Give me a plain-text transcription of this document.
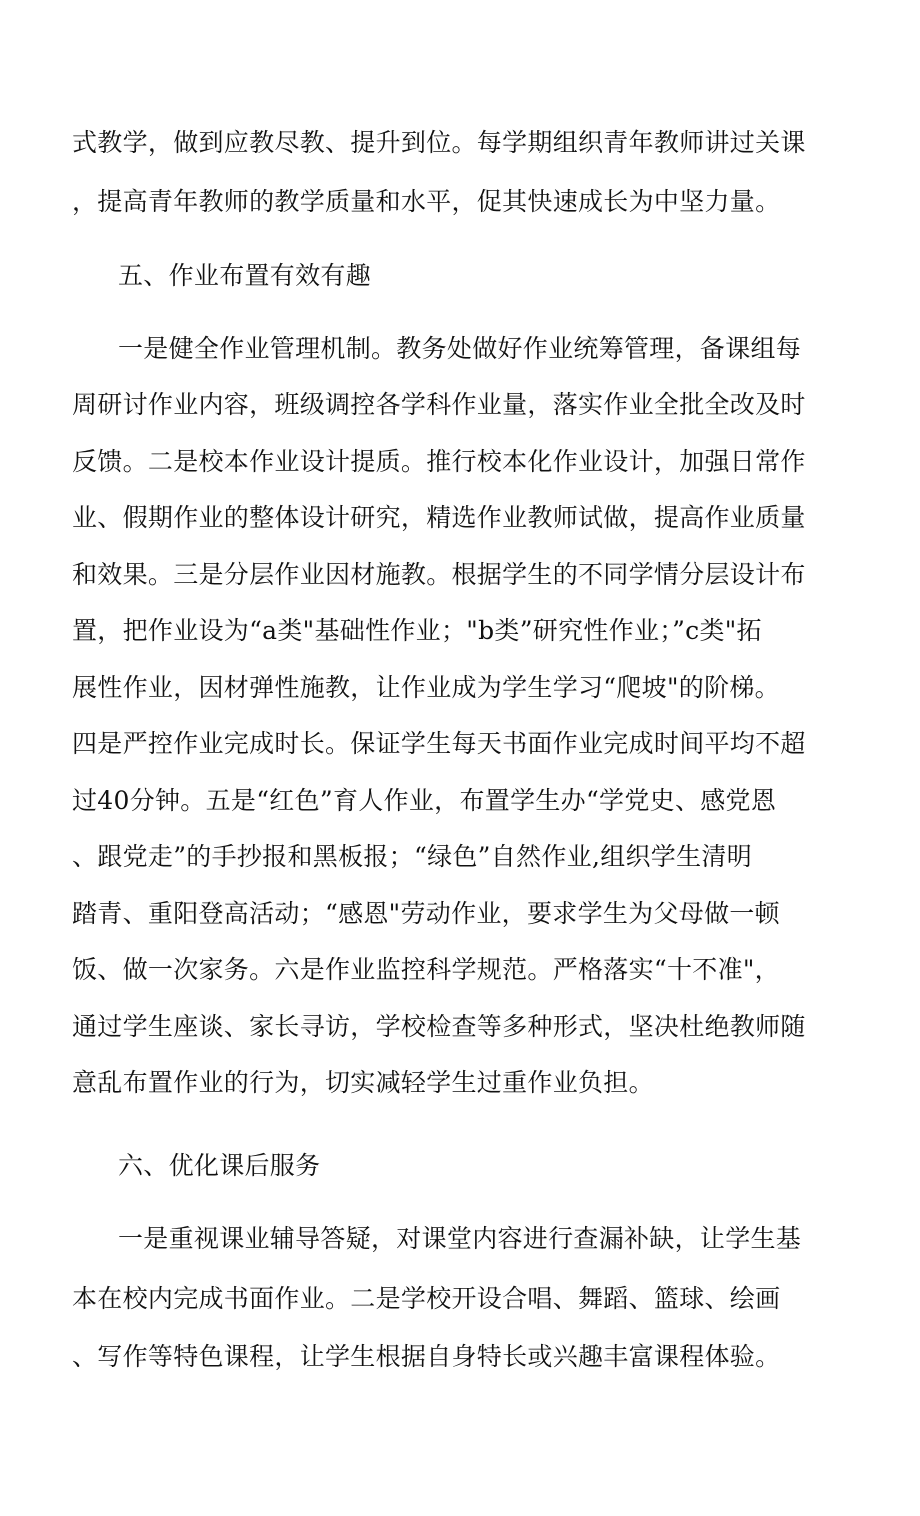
式教学，做到应教尽教、提升到位。每学期组织青年教师讲过关课
，提高青年教师的教学质量和水平，促其快速成长为中坚力量。
五、作业布置有效有趣
一是健全作业管理机制。教务处做好作业统筹管理，备课组每
周研讨作业内容，班级调控各学科作业量，落实作业全批全改及时
反馈。二是校本作业设计提质。推行校本化作业设计，加强日常作
业、假期作业的整体设计研究，精选作业教师试做，提高作业质量
和效果。三是分层作业因材施教。根据学生的不同学情分层设计布
置，把作业设为“a类"基础性作业；"b类”研究性作业；”c类"拓
展性作业，因材弹性施教，让作业成为学生学习“爬坡"的阶梯。
四是严控作业完成时长。保证学生每天书面作业完成时间平均不超
过40分钟。五是“红色”育人作业，布置学生办“学党史、感党恩
、跟党走”的手抄报和黑板报；“绿色”自然作业,组织学生清明
踏青、重阳登高活动；“感恩"劳动作业，要求学生为父母做一顿
饭、做一次家务。六是作业监控科学规范。严格落实“十不准"，
通过学生座谈、家长寻访，学校检查等多种形式，坚决杜绝教师随
意乱布置作业的行为，切实减轻学生过重作业负担。
六、优化课后服务
一是重视课业辅导答疑，对课堂内容进行查漏补缺，让学生基
本在校内完成书面作业。二是学校开设合唱、舞蹈、篮球、绘画
、写作等特色课程，让学生根据自身特长或兴趣丰富课程体验。
